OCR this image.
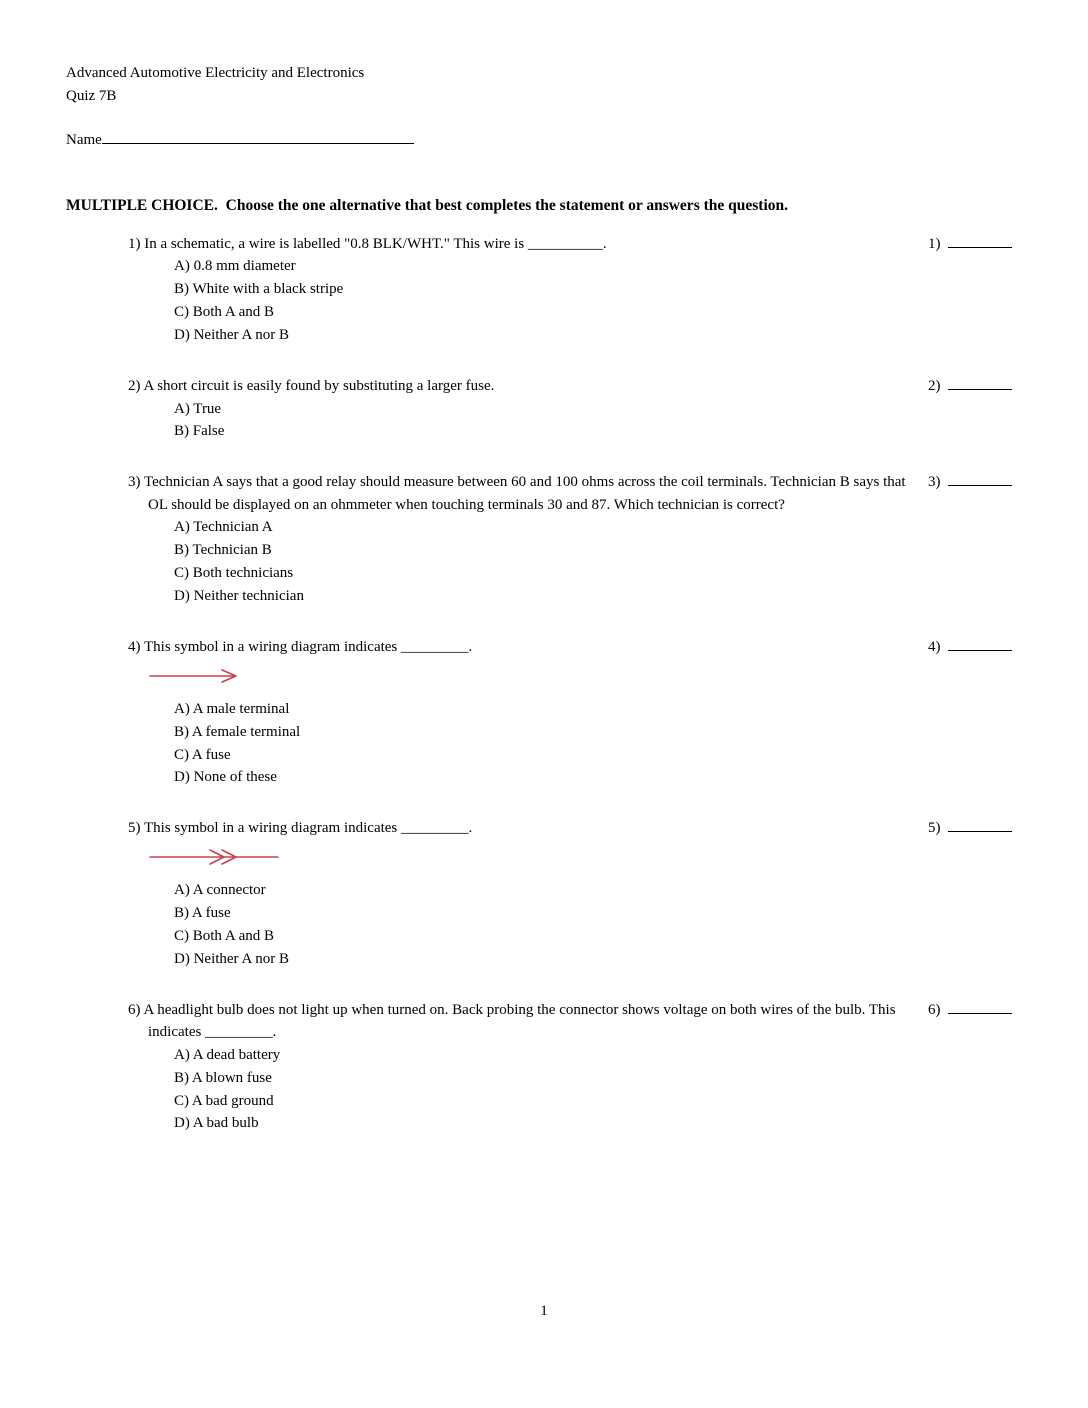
Advanced Automotive Electricity and Electronics
Quiz 7B
Name
MULTIPLE CHOICE.  Choose the one alternative that best completes the statement or answers the question.
1) In a schematic, a wire is labelled "0.8 BLK/WHT." This wire is __________.
A) 0.8 mm diameter
B) White with a black stripe
C) Both A and B
D) Neither A nor B
1)
2) A short circuit is easily found by substituting a larger fuse.
A) True
B) False
2)
3) Technician A says that a good relay should measure between 60 and 100 ohms across the coil terminals. Technician B says that OL should be displayed on an ohmmeter when touching terminals 30 and 87. Which technician is correct?
A) Technician A
B) Technician B
C) Both technicians
D) Neither technician
3)
4) This symbol in a wiring diagram indicates _________.
A) A male terminal
B) A female terminal
C) A fuse
D) None of these
4)
5) This symbol in a wiring diagram indicates _________.
A) A connector
B) A fuse
C) Both A and B
D) Neither A nor B
5)
6) A headlight bulb does not light up when turned on. Back probing the connector shows voltage on both wires of the bulb. This indicates _________.
A) A dead battery
B) A blown fuse
C) A bad ground
D) A bad bulb
6)
1
